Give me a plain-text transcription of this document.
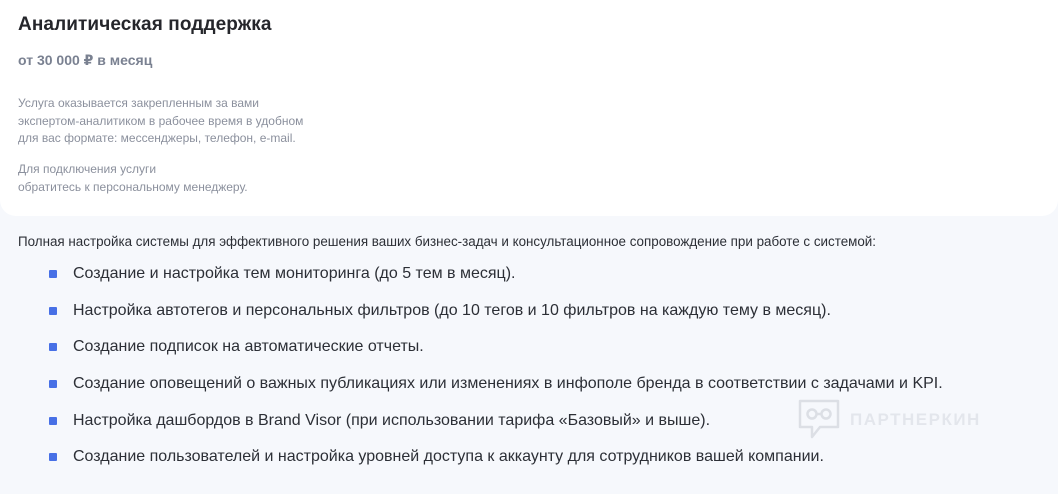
Аналитическая поддержка
от 30 000 ₽ в месяц
Услуга оказывается закрепленным за вами
экспертом-аналитиком в рабочее время в удобном
для вас формате: мессенджеры, телефон, e-mail.
Для подключения услуги
обратитесь к персональному менеджеру.
Полная настройка системы для эффективного решения ваших бизнес-задач и консультационное сопровождение при работе с системой:
Создание и настройка тем мониторинга (до 5 тем в месяц).
Настройка автотегов и персональных фильтров (до 10 тегов и 10 фильтров на каждую тему в месяц).
Создание подписок на автоматические отчеты.
Создание оповещений о важных публикациях или изменениях в инфополе бренда в соответствии с задачами и KPI.
Настройка дашбордов в Brand Visor (при использовании тарифа «Базовый» и выше).
Создание пользователей и настройка уровней доступа к аккаунту для сотрудников вашей компании.
ПАРТНЕРКИН
